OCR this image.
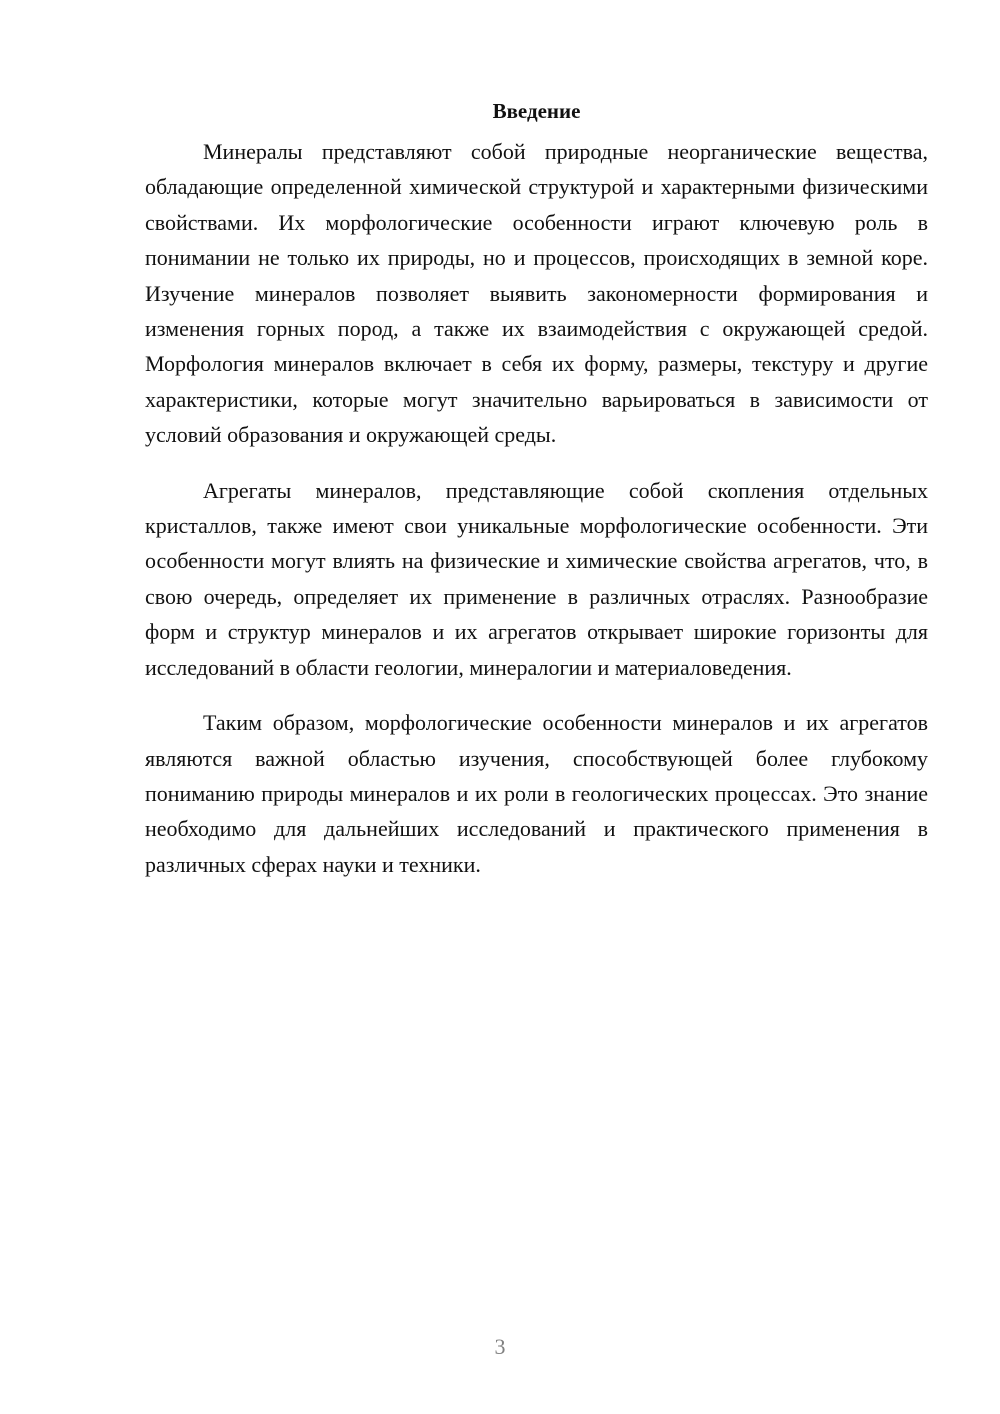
Введение

Минералы представляют собой природные неорганические вещества, обладающие определенной химической структурой и характерными физическими свойствами. Их морфологические особенности играют ключевую роль в понимании не только их природы, но и процессов, происходящих в земной коре. Изучение минералов позволяет выявить закономерности формирования и изменения горных пород, а также их взаимодействия с окружающей средой. Морфология минералов включает в себя их форму, размеры, текстуру и другие характеристики, которые могут значительно варьироваться в зависимости от условий образования и окружающей среды.

Агрегаты минералов, представляющие собой скопления отдельных кристаллов, также имеют свои уникальные морфологические особенности. Эти особенности могут влиять на физические и химические свойства агрегатов, что, в свою очередь, определяет их применение в различных отраслях. Разнообразие форм и структур минералов и их агрегатов открывает широкие горизонты для исследований в области геологии, минералогии и материаловедения.

Таким образом, морфологические особенности минералов и их агрегатов являются важной областью изучения, способствующей более глубокому пониманию природы минералов и их роли в геологических процессах. Это знание необходимо для дальнейших исследований и практического применения в различных сферах науки и техники.

3
